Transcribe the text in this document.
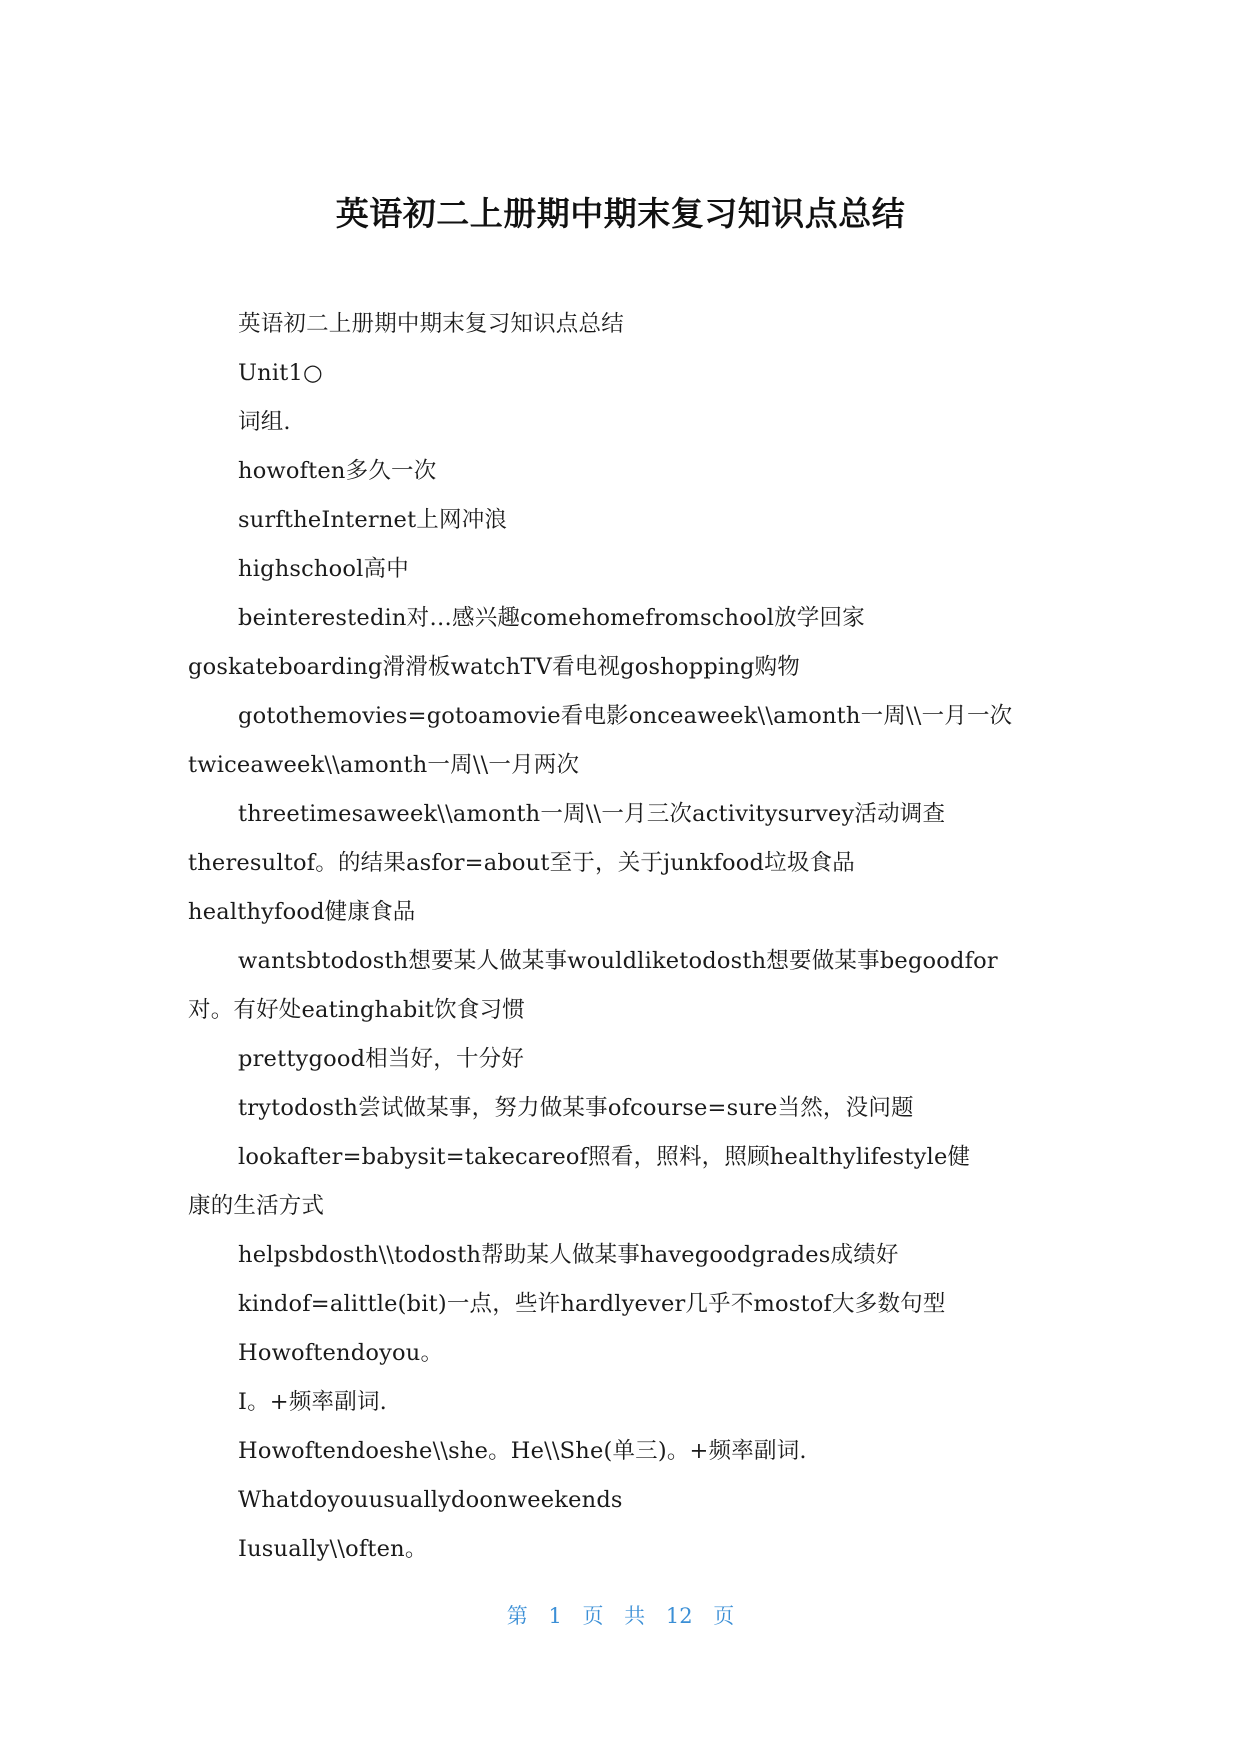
英语初二上册期中期末复习知识点总结
英语初二上册期中期末复习知识点总结
Unit1○
词组.
howoften多久一次
surftheInternet上网冲浪
highschool高中
beinterestedin对…感兴趣comehomefromschool放学回家
goskateboarding滑滑板watchTV看电视goshopping购物
gotothemovies=gotoamovie看电影onceaweek\\amonth一周\\一月一次
twiceaweek\\amonth一周\\一月两次
threetimesaweek\\amonth一周\\一月三次activitysurvey活动调查
theresultof。的结果asfor=about至于，关于junkfood垃圾食品
healthyfood健康食品
wantsbtodosth想要某人做某事wouldliketodosth想要做某事begoodfor
对。有好处eatinghabit饮食习惯
prettygood相当好，十分好
trytodosth尝试做某事，努力做某事ofcourse=sure当然，没问题
lookafter=babysit=takecareof照看，照料，照顾healthylifestyle健
康的生活方式
helpsbdosth\\todosth帮助某人做某事havegoodgrades成绩好
kindof=alittle(bit)一点，些许hardlyever几乎不mostof大多数句型
Howoftendoyou。
I。+频率副词.
Howoftendoeshe\\she。He\\She(单三)。+频率副词.
Whatdoyouusuallydoonweekends
Iusually\\often。

第 1 页 共 12 页
